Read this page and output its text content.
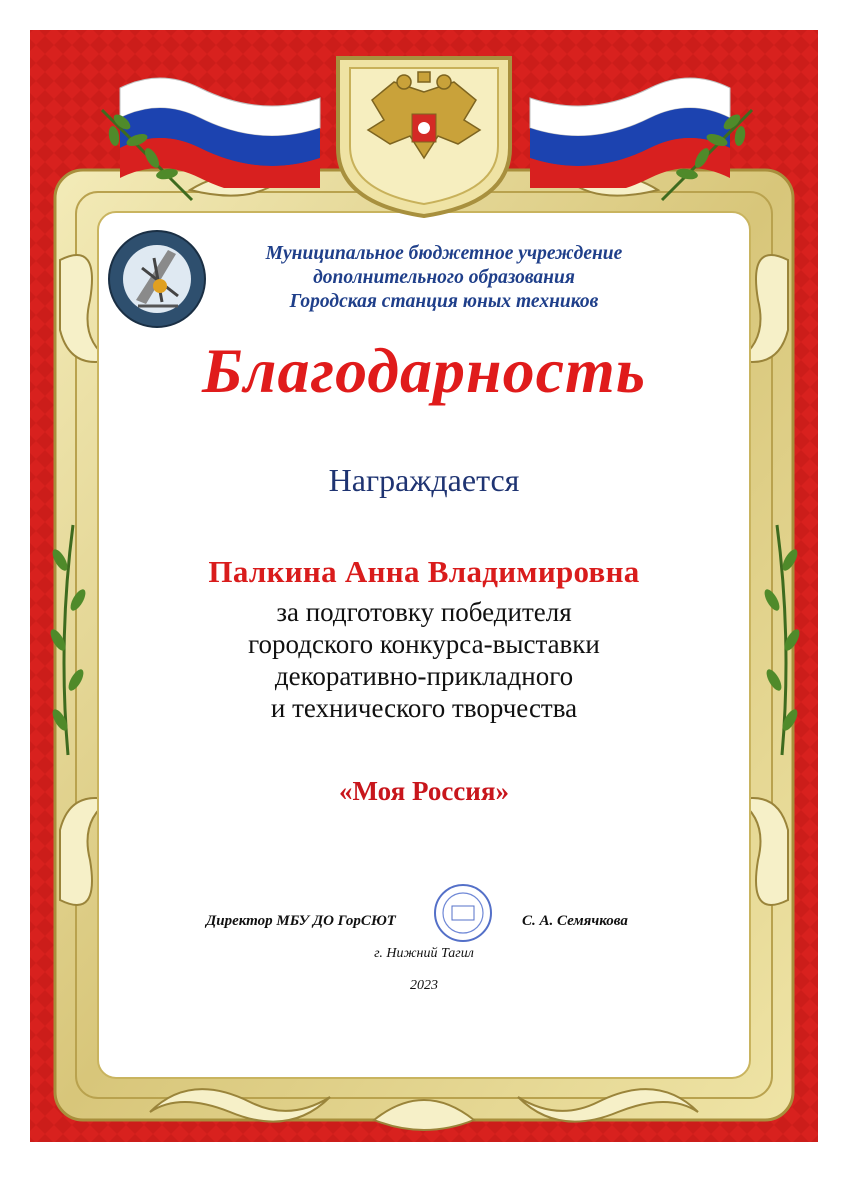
Муниципальное бюджетное учреждение
дополнительного образования
Городская станция юных техников
Благодарность
Награждается
Палкина Анна Владимировна
за подготовку победителя
городского конкурса-выставки
декоративно-прикладного
и технического творчества
«Моя Россия»
Директор МБУ ДО ГорСЮТ	С. А. Семячкова
г. Нижний Тагил
2023
